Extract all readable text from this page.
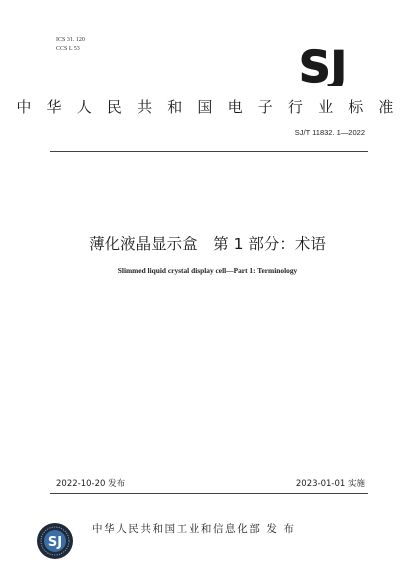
ICS 31. 120
CCS L 53	SJ
中 华 人 民 共 和 国 电 子 行 业 标 准
SJ/T 11832. 1—2022
薄化液晶显示盒　第 1 部分：术语
Slimmed liquid crystal display cell—Part 1: Terminology
2022-10-20 发布	2023-01-01 实施
SJ
中华人民共和国工业和信息化部 发 布
